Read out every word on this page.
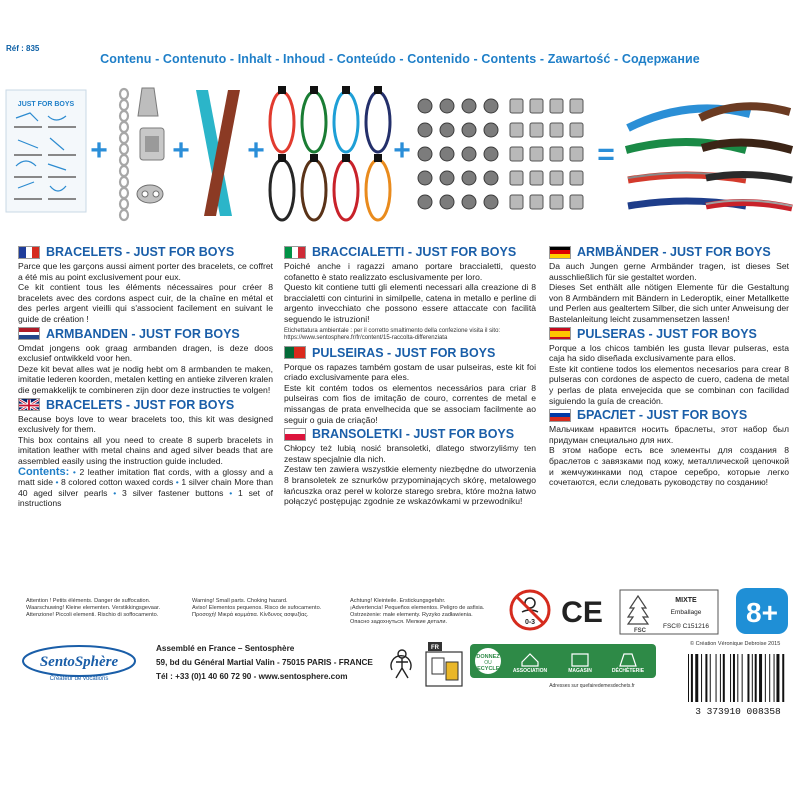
Réf : 835
Contenu - Contenuto - Inhalt - Inhoud - Conteúdo - Contenido - Contents - Zawartość - Содержание
JUST FOR BOYS
+ + +	+	=
BRACELETS - JUST FOR BOYS

Parce que les garçons aussi aiment porter des bracelets, ce coffret a été mis au point exclusivement pour eux.

Ce kit contient tous les éléments nécessaires pour créer 8 bracelets avec des cordons aspect cuir, de la chaîne en métal et des perles argent vieilli qui s'associent facilement en suivant le guide de création !

ARMBANDEN - JUST FOR BOYS

Omdat jongens ook graag armbanden dragen, is deze doos exclusief ontwikkeld voor hen.

Deze kit bevat alles wat je nodig hebt om 8 armbanden te maken, imitatie lederen koorden, metalen ketting en antieke zilveren kralen die gemakkelijk te combineren zijn door deze instructies te volgen!

BRACELETS - JUST FOR BOYS

Because boys love to wear bracelets too, this kit was designed exclusively for them.

This box contains all you need to create 8 superb bracelets in imitation leather with metal chains and aged silver beads that are assembled easily using the instruction guide included.

Contents: • 2 leather imitation flat cords, with a glossy and a matt side • 8 colored cotton waxed cords • 1 silver chain More than 40 aged silver pearls • 3 silver fastener buttons • 1 set of instructions

BRACCIALETTI - JUST FOR BOYS

Poiché anche i ragazzi amano portare braccialetti, questo cofanetto è stato realizzato esclusivamente per loro.

Questo kit contiene tutti gli elementi necessari alla creazione di 8 braccialetti con cinturini in similpelle, catena in metallo e perline di argento invecchiato che possono essere attaccate con facilità seguendo le istruzioni!

Etichettatura ambientale : per il corretto smaltimento della confezione visita il sito: https://www.sentosphere.fr/fr/content/15-raccolta-differenziata
PULSEIRAS - JUST FOR BOYS

Porque os rapazes também gostam de usar pulseiras, este kit foi criado exclusivamente para eles.

Este kit contém todos os elementos necessários para criar 8 pulseiras com fios de imitação de couro, correntes de metal e missangas de prata envelhecida que se associam facilmente ao seguir o guia de criação!

BRANSOLETKI - JUST FOR BOYS

Chłopcy też lubią nosić bransoletki, dlatego stworzyliśmy ten zestaw specjalnie dla nich.

Zestaw ten zawiera wszystkie elementy niezbędne do utworzenia 8 bransoletek ze sznurków przypominających skórę, metalowego łańcuszka oraz pereł w kolorze starego srebra, które można łatwo połączyć postępując zgodnie ze wskazówkami w przewodniku!

ARMBÄNDER - JUST FOR BOYS

Da auch Jungen gerne Armbänder tragen, ist dieses Set ausschließlich für sie gestaltet worden.

Dieses Set enthält alle nötigen Elemente für die Gestaltung von 8 Armbändern mit Bändern in Lederoptik, einer Metallkette und Perlen aus gealtertem Silber, die sich unter Anweisung der Bastelanleitung leicht zusammensetzen lassen!

PULSERAS - JUST FOR BOYS

Porque a los chicos también les gusta llevar pulseras, esta caja ha sido diseñada exclusivamente para ellos.

Este kit contiene todos los elementos necesarios para crear 8 pulseras con cordones de aspecto de cuero, cadena de metal y perlas de plata envejecida que se combinan con facilidad siguiendo la guía de creación.

БРАСЛЕТ - JUST FOR BOYS

Мальчикам нравится носить браслеты, этот набор был придуман специально для них.

В этом наборе есть все элементы для создания 8 браслетов с завязками под кожу, металлической цепочкой и жемчужинками под старое серебро, которые легко сочетаются, если следовать руководству по созданию!

Attention ! Petits éléments. Danger de suffocation.
Waarschuwing! Kleine elementen. Verstikkingsgevaar.
Attenzione! Piccoli elementi. Rischio di soffocamento.
Warning! Small parts. Choking hazard.
Aviso! Elementos pequenos. Risco de sufocamento.
Προσοχή! Μικρά κομμάτια. Κίνδυνος ασφυξίας.
Achtung! Kleinteile. Erstickungsgefahr.
¡Advertencia! Pequeños elementos. Peligro de asfixia.
Ostrzeżenie: małe elementy. Ryzyko zadławienia.
Опасно задохнуться. Мелкие детали.	0-3 CE
FSC
MIXTE
Emballage
FSC® C151216 8+
SentoSphère
Créateur de vocations
Assemblé en France – Sentosphère
59, bd du Général Martial Valin - 75015 PARIS - FRANCE
Tél : +33 (0)1 40 60 72 90 - www.sentosphere.com
© Création Véronique Debroise 2015
FR
DONNEZ
OU
RECYCLEZ ASSOCIATION	MAGASIN	DÉCHÈTERIE
Adresses sur quefairedemesdechets.fr
3 373910 008358
